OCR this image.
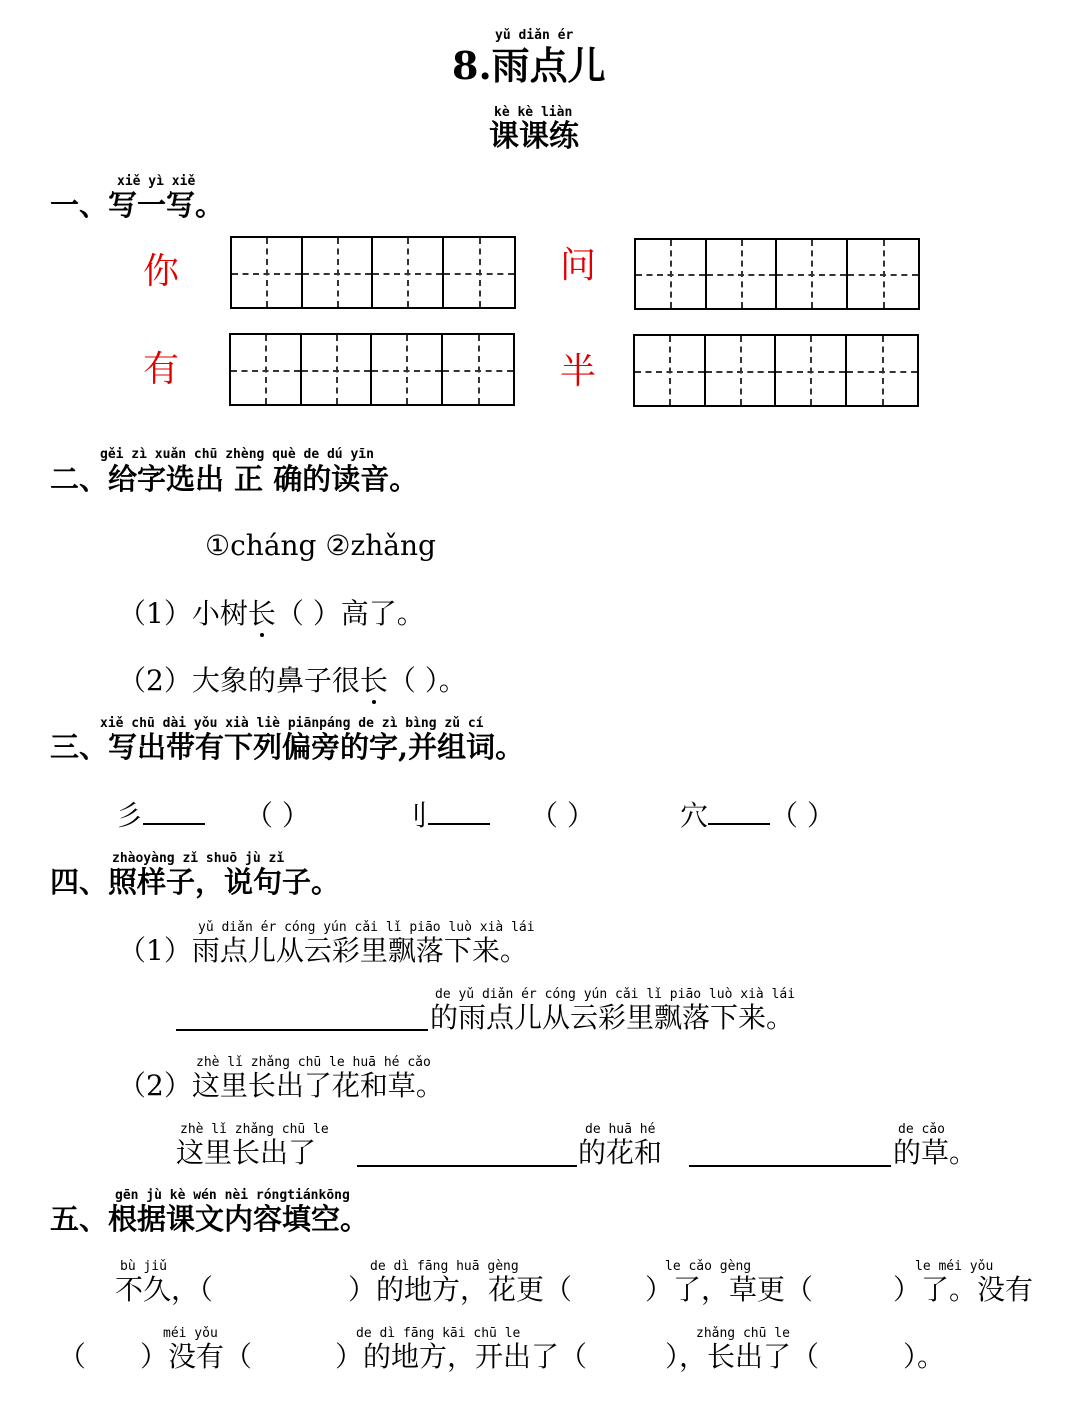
yǔ diǎn ér
8.雨点儿
kè kè liàn
课课练
xiě yì xiě
一、写一写。
你	问
有	半
gěi zì xuǎn chū zhèng què de dú yīn
二、给字选出 正 确的读音。
①cháng ②zhǎng
（1）小树长（ ）高了。
（2）大象的鼻子很长（ ）。
xiě chū dài yǒu xià liè piānpáng de zì bìng zǔ cí
三、写出带有下列偏旁的字,并组词。
彡	（ ）	刂	（ ）	穴 （ ）
zhàoyàng zǐ shuō jù zǐ
四、照样子，说句子。
yǔ diǎn ér cóng yún cǎi lǐ piāo luò xià lái
（1）雨点儿从云彩里飘落下来。
de yǔ diǎn ér cóng yún cǎi lǐ piāo luò xià lái
的雨点儿从云彩里飘落下来。
zhè lǐ zhǎng chū le huā hé cǎo
（2）这里长出了花和草。
zhè lǐ zhǎng chū le
这里长出了
de huā hé
的花和
de cǎo
的草。
gēn jù kè wén nèi róngtiánkōng
五、根据课文内容填空。
bù jiǔ
不久，（
de dì fāng huā gèng
）的地方，花更（
le cǎo gèng
）了，草更（
le méi yǒu
）了。没有
（
méi yǒu
）没有（
de dì fāng kāi chū le
）的地方，开出了（
zhǎng chū le
），长出了（	）。
